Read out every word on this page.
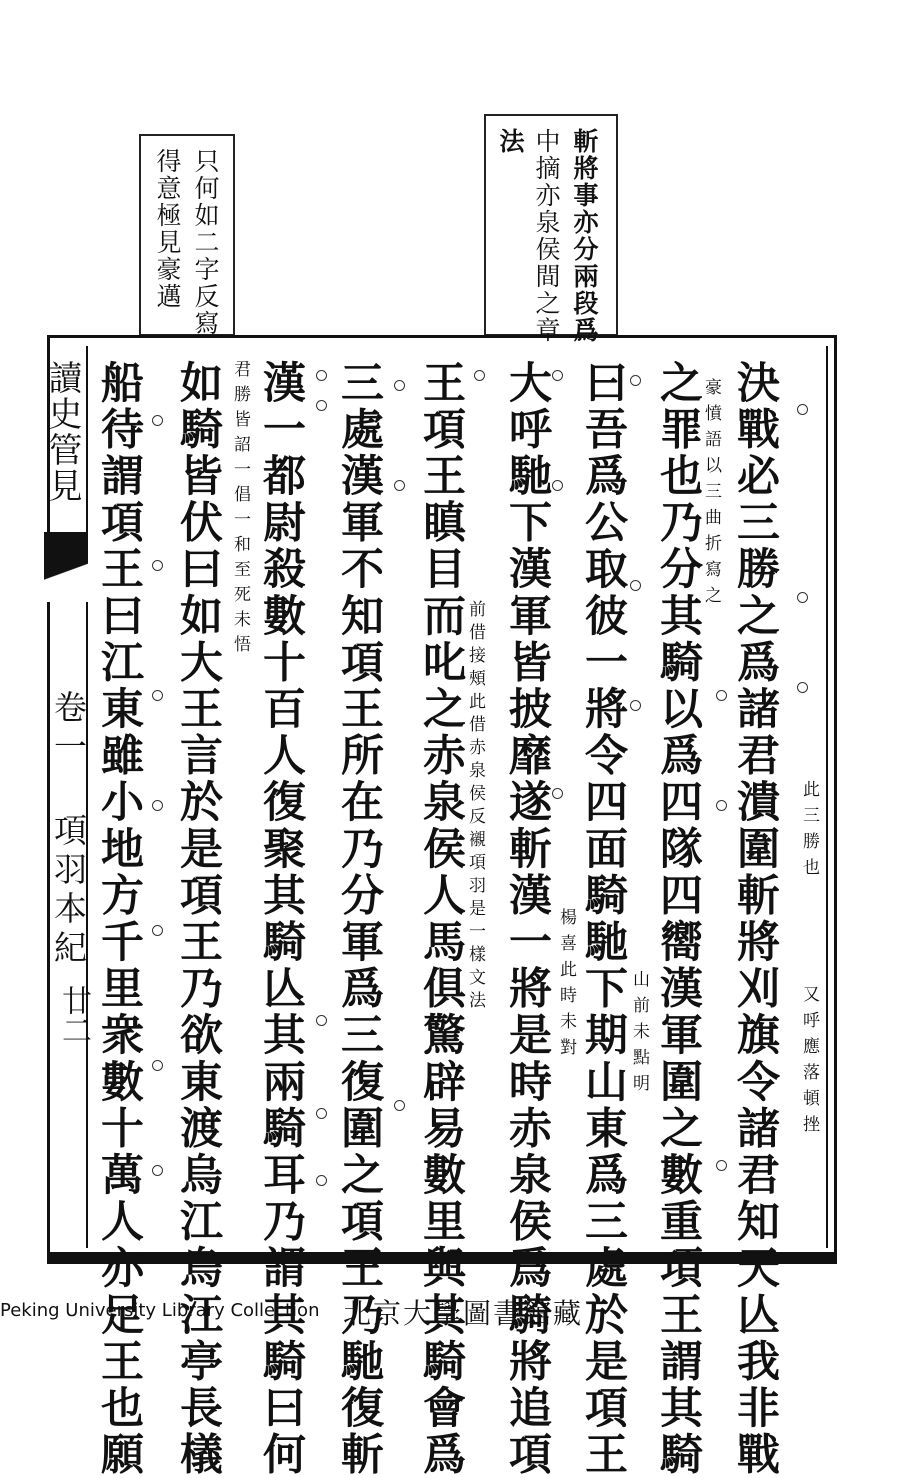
只何如二字反寫
得意極見豪邁	斬將事亦分兩段爲
中摘亦泉侯間之章
法
讀史管見
卷一 項羽本紀
廿二	決戰必三勝之爲諸君潰圍斬將刈旗令諸君知天亾我非戰
之罪也乃分其騎以爲四隊四嚮漢軍圍之數重項王謂其騎
曰吾爲公取彼一將令四面騎馳下期山東爲三處於是項王
大呼馳下漢軍皆披靡遂斬漢一將是時赤泉侯爲騎將追項
王項王瞋目而叱之赤泉侯人馬俱驚辟易數里與其騎會爲
三處漢軍不知項王所在乃分軍爲三復圍之項王乃馳復斬
漢一都尉殺數十百人復聚其騎亾其兩騎耳乃謂其騎曰何
如騎皆伏曰如大王言於是項王乃欲東渡烏江烏江亭長檥
船待謂項王曰江東雖小地方千里衆數十萬人亦足王也願	此三勝也
又呼應落頓挫
豪憤語以三曲折寫之
山前未點明
楊喜此時未對
前借接頰此借赤泉侯反襯項羽是一樣文法
君勝皆詔一倡一和至死未悟
Peking University Library Collection 北京大學圖書館藏
